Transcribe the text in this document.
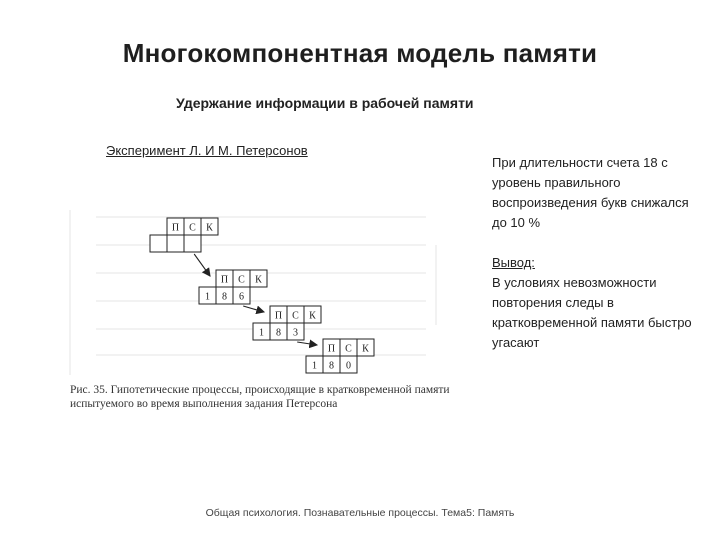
Многокомпонентная модель памяти
Удержание информации в рабочей памяти
Эксперимент Л. И М. Петерсонов
При длительности счета 18 с уровень правильного воспроизведения букв снижался до 10 %
Вывод:
В условиях невозможности повторения следы в кратковременной памяти быстро угасают
П С К
П С К
1 8 6
П С К
1 8 3
П С К
1 8 0
Рис. 35. Гипотетические процессы, происходящие в кратковременной памяти испытуемого во время выполнения задания Петерсона
Общая психология. Познавательные процессы. Тема5: Память
